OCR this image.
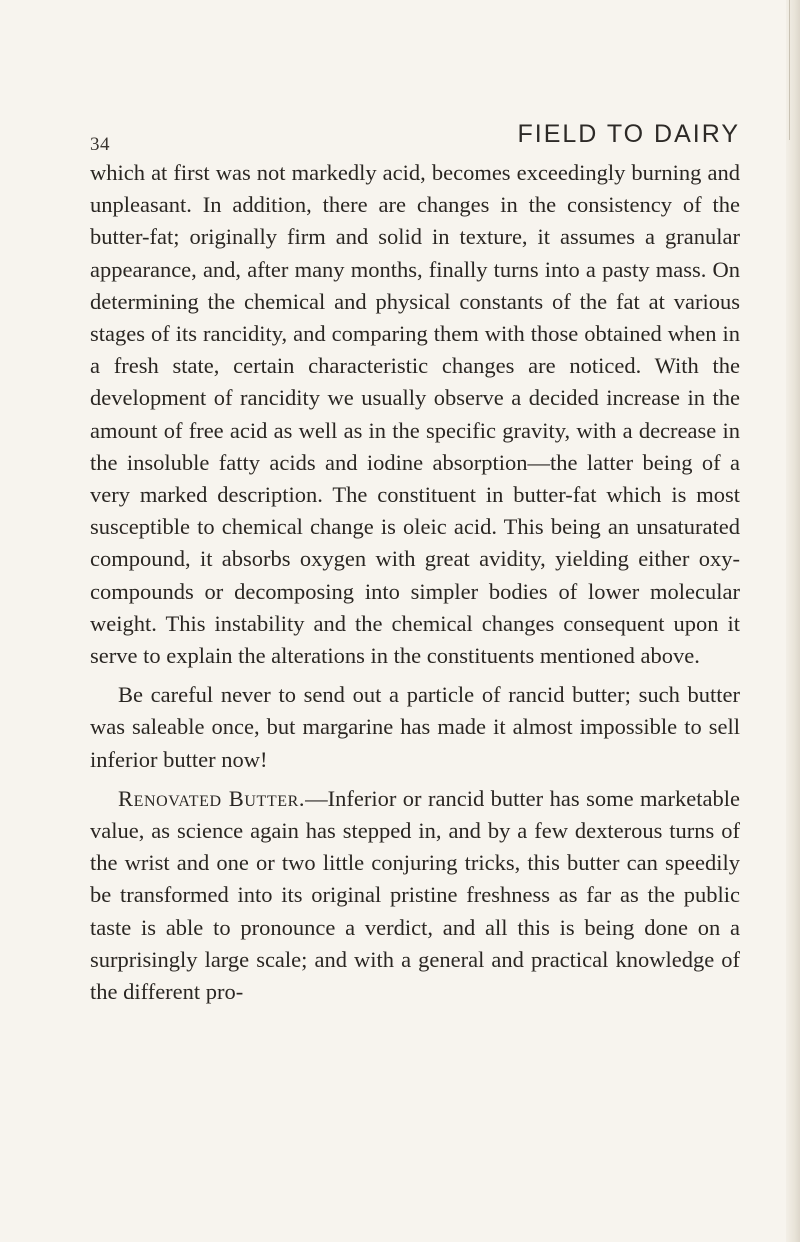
34	FIELD TO DAIRY

which at first was not markedly acid, becomes exceedingly burning and unpleasant. In addition, there are changes in the consistency of the butter-fat; originally firm and solid in texture, it assumes a granular appearance, and, after many months, finally turns into a pasty mass. On determining the chemical and physical constants of the fat at various stages of its rancidity, and comparing them with those obtained when in a fresh state, certain characteristic changes are noticed. With the development of rancidity we usually observe a decided increase in the amount of free acid as well as in the specific gravity, with a decrease in the insoluble fatty acids and iodine absorption—the latter being of a very marked description. The constituent in butter-fat which is most susceptible to chemical change is oleic acid. This being an unsaturated compound, it absorbs oxygen with great avidity, yielding either oxy-compounds or decomposing into simpler bodies of lower molecular weight. This instability and the chemical changes consequent upon it serve to explain the alterations in the constituents mentioned above.

Be careful never to send out a particle of rancid butter; such butter was saleable once, but margarine has made it almost impossible to sell inferior butter now!

Renovated Butter.—Inferior or rancid butter has some marketable value, as science again has stepped in, and by a few dexterous turns of the wrist and one or two little conjuring tricks, this butter can speedily be transformed into its original pristine freshness as far as the public taste is able to pronounce a verdict, and all this is being done on a surprisingly large scale; and with a general and practical knowledge of the different pro-
